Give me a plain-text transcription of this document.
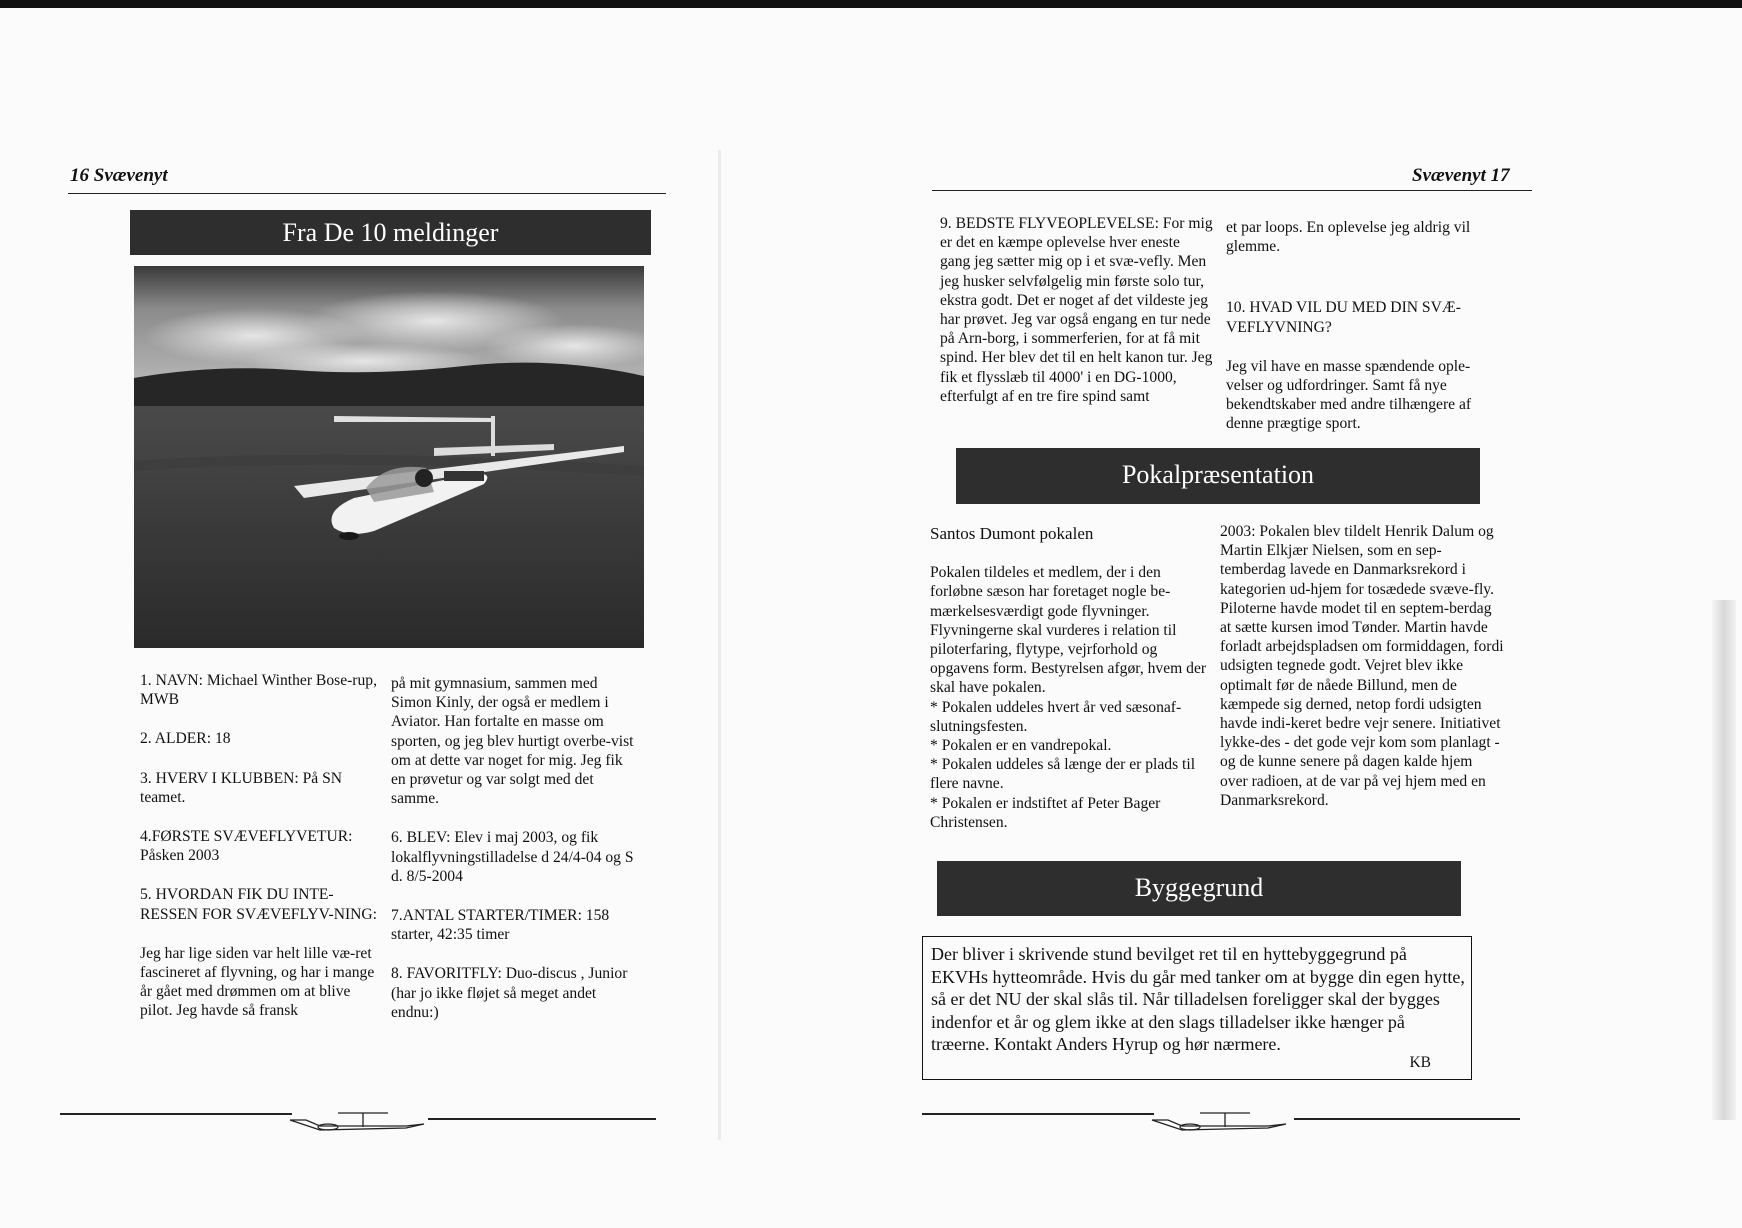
16 Svævenyt
Fra De 10 meldinger

1. NAVN: Michael Winther Bose-rup, MWB

2. ALDER: 18

3. HVERV I KLUBBEN: På SN teamet.

4.FØRSTE SVÆVEFLYVETUR: Påsken 2003

5. HVORDAN FIK DU INTE-RESSEN FOR SVÆVEFLYV-NING:

Jeg har lige siden var helt lille væ-ret fascineret af flyvning, og har i mange år gået med drømmen om at blive pilot. Jeg havde så fransk

på mit gymnasium, sammen med Simon Kinly, der også er medlem i Aviator. Han fortalte en masse om sporten, og jeg blev hurtigt overbe-vist om at dette var noget for mig. Jeg fik en prøvetur og var solgt med det samme.

6. BLEV: Elev i maj 2003, og fik lokalflyvningstilladelse d 24/4-04 og S d. 8/5-2004

7.ANTAL STARTER/TIMER: 158 starter, 42:35 timer

8. FAVORITFLY: Duo-discus , Junior (har jo ikke fløjet så meget andet endnu:)

Svævenyt 17

9. BEDSTE FLYVEOPLEVELSE: For mig er det en kæmpe oplevelse hver eneste gang jeg sætter mig op i et svæ-vefly. Men jeg husker selvfølgelig min første solo tur, ekstra godt. Det er noget af det vildeste jeg har prøvet. Jeg var også engang en tur nede på Arn-borg, i sommerferien, for at få mit spind. Her blev det til en helt kanon tur. Jeg fik et flysslæb til 4000' i en DG-1000, efterfulgt af en tre fire spind samt

et par loops. En oplevelse jeg aldrig vil glemme.

10. HVAD VIL DU MED DIN SVÆ-VEFLYVNING?

Jeg vil have en masse spændende ople-velser og udfordringer. Samt få nye bekendtskaber med andre tilhængere af denne prægtige sport.

Pokalpræsentation

Santos Dumont pokalen

Pokalen tildeles et medlem, der i den forløbne sæson har foretaget nogle be-mærkelsesværdigt gode flyvninger. Flyvningerne skal vurderes i relation til piloterfaring, flytype, vejrforhold og opgavens form. Bestyrelsen afgør, hvem der skal have pokalen.
* Pokalen uddeles hvert år ved sæsonaf-slutningsfesten.
* Pokalen er en vandrepokal.
* Pokalen uddeles så længe der er plads til flere navne.
* Pokalen er indstiftet af Peter Bager Christensen.

2003: Pokalen blev tildelt Henrik Dalum og Martin Elkjær Nielsen, som en sep-temberdag lavede en Danmarksrekord i kategorien ud-hjem for tosædede svæve-fly. Piloterne havde modet til en septem-berdag at sætte kursen imod Tønder. Martin havde forladt arbejdspladsen om formiddagen, fordi udsigten tegnede godt. Vejret blev ikke optimalt før de nåede Billund, men de kæmpede sig derned, netop fordi udsigten havde indi-keret bedre vejr senere. Initiativet lykke-des - det gode vejr kom som planlagt - og de kunne senere på dagen kalde hjem over radioen, at de var på vej hjem med en Danmarksrekord.

Byggegrund
Der bliver i skrivende stund bevilget ret til en hyttebyggegrund på EKVHs hytteområde. Hvis du går med tanker om at bygge din egen hytte, så er det NU der skal slås til. Når tilladelsen foreligger skal der bygges indenfor et år og glem ikke at den slags tilladelser ikke hænger på træerne. Kontakt Anders Hyrup og hør nærmere.
KB
